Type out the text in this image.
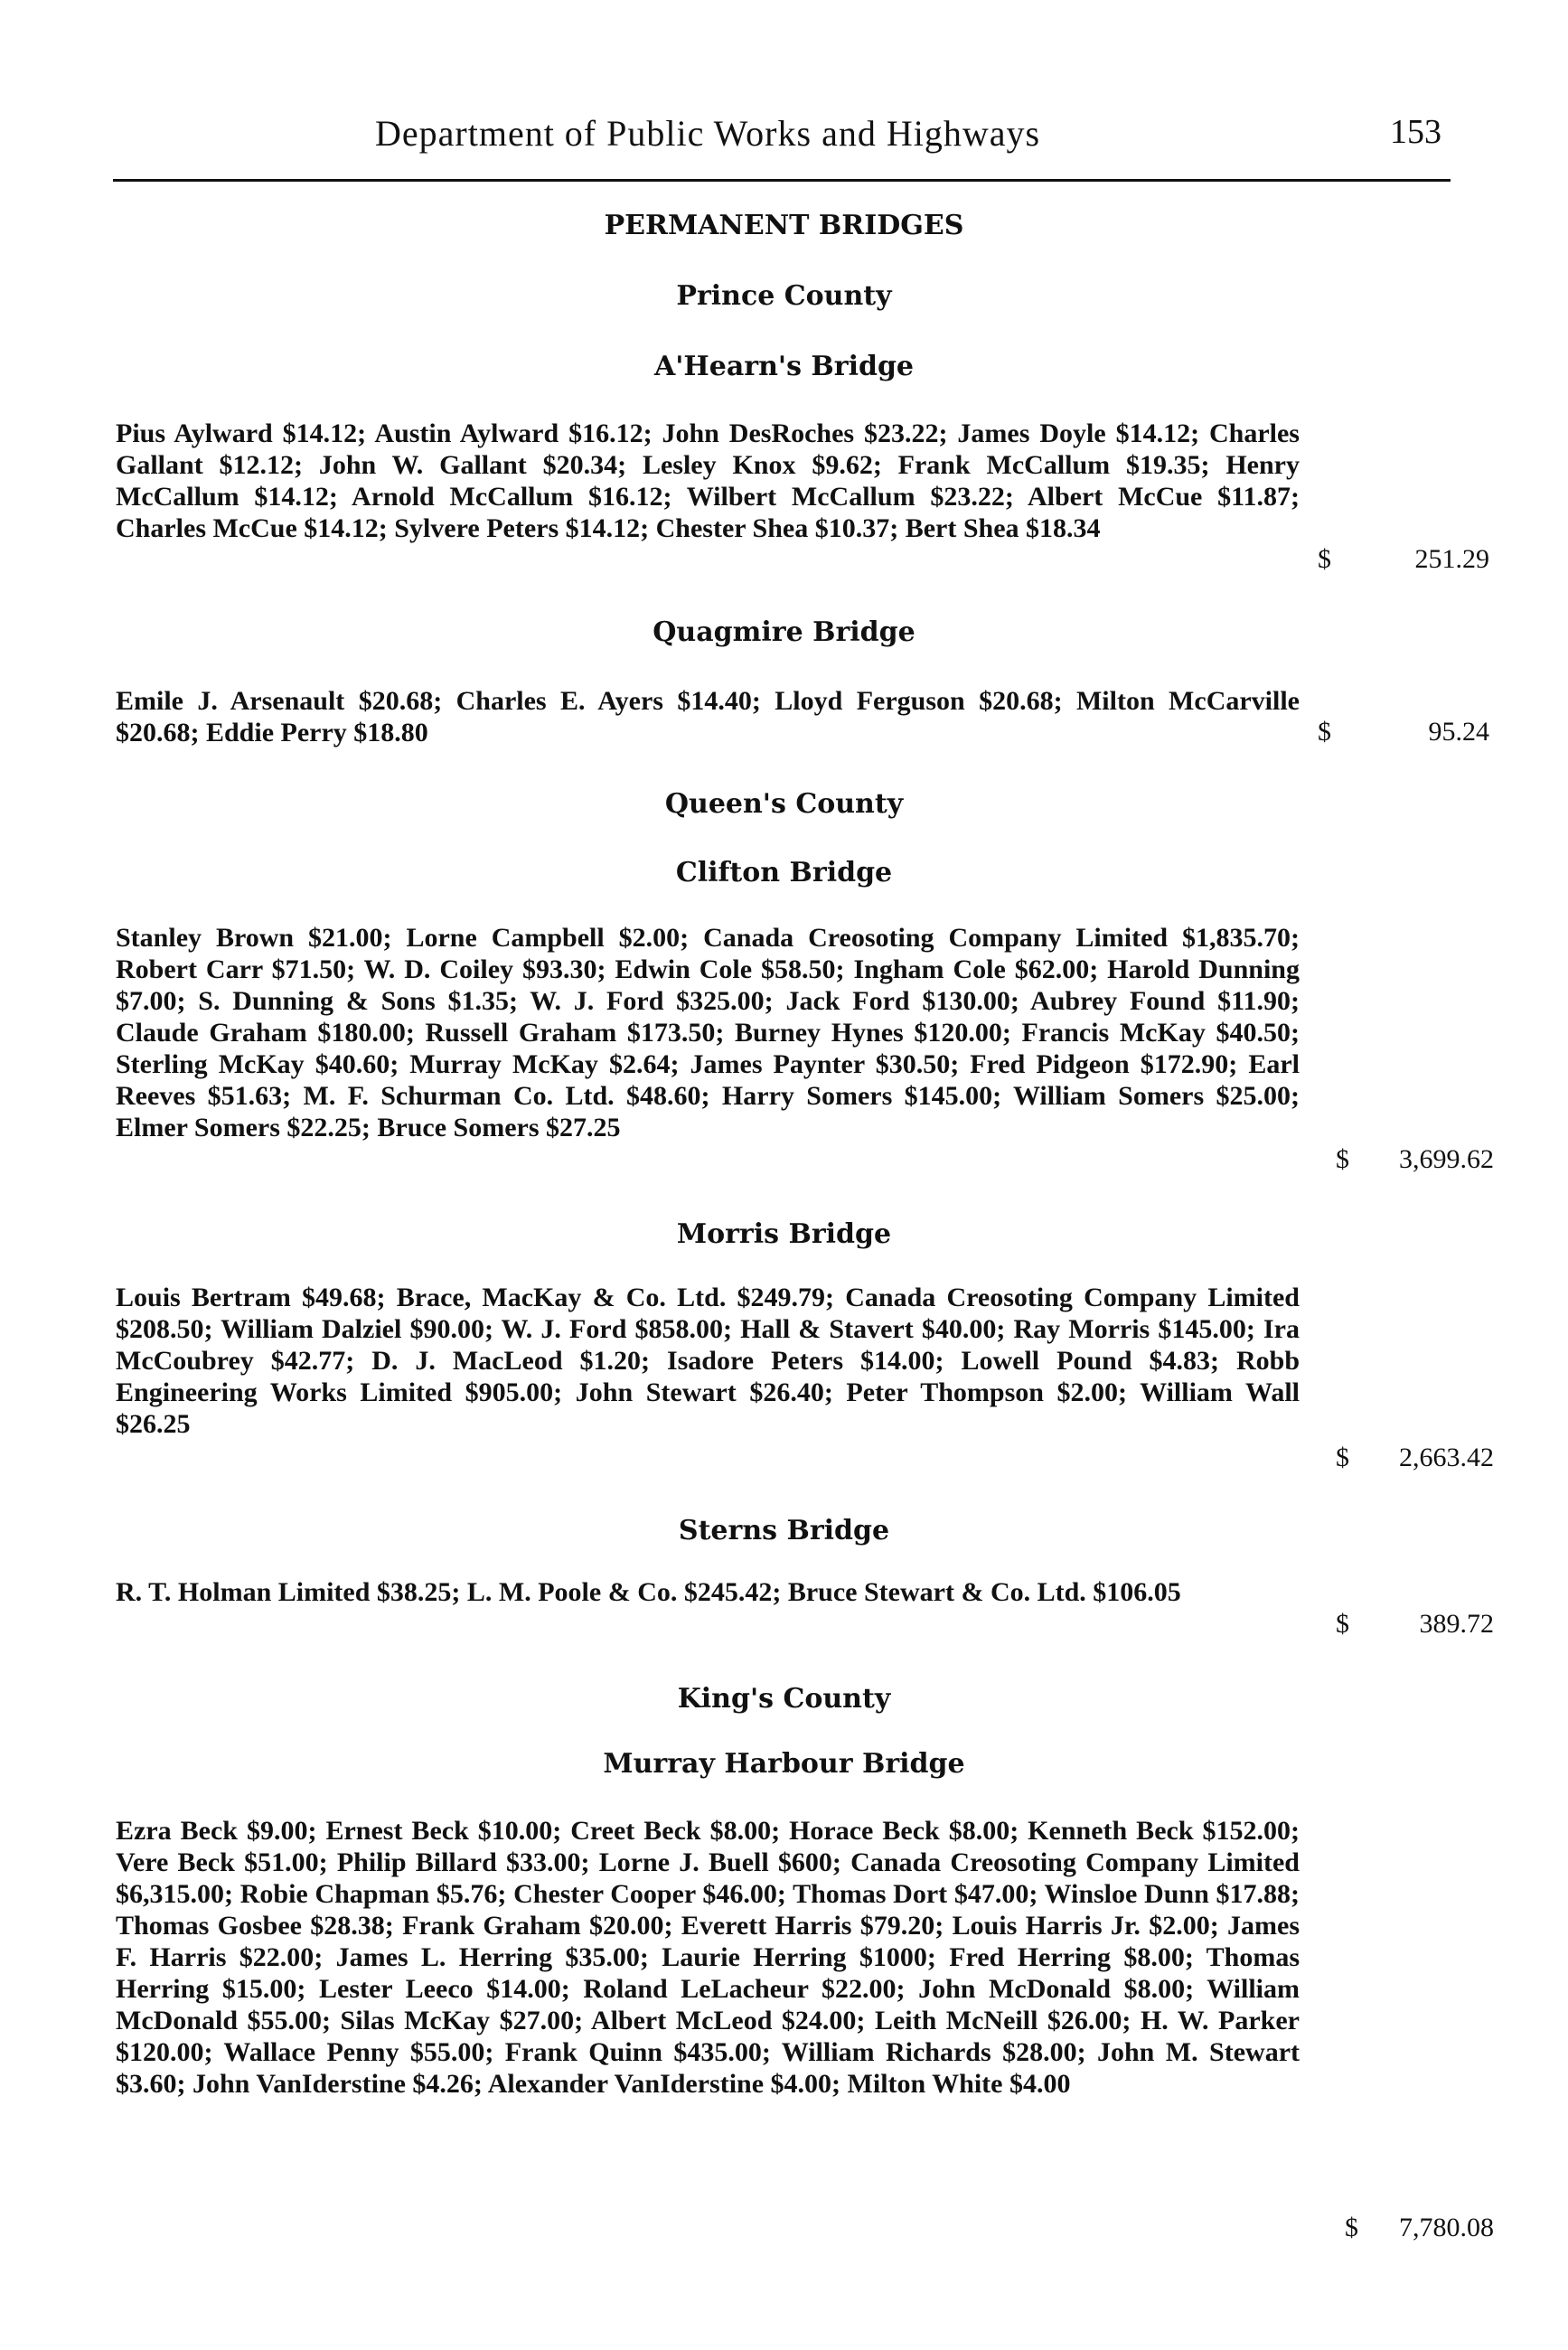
Department of Public Works and Highways	153
PERMANENT BRIDGES
Prince County
A'Hearn's Bridge
Pius Aylward $14.12; Austin Aylward $16.12; John DesRoches $23.22; James Doyle $14.12; Charles Gallant $12.12; John W. Gallant $20.34; Lesley Knox $9.62; Frank McCallum $19.35; Henry McCallum $14.12; Arnold McCallum $16.12; Wilbert McCallum $23.22; Albert McCue $11.87; Charles McCue $14.12; Sylvere Peters $14.12; Chester Shea $10.37; Bert Shea $18.34
$	251.29
Quagmire Bridge
Emile J. Arsenault $20.68; Charles E. Ayers $14.40; Lloyd Ferguson $20.68; Milton McCarville $20.68; Eddie Perry $18.80	$	95.24
Queen's County
Clifton Bridge
Stanley Brown $21.00; Lorne Campbell $2.00; Canada Creosoting Company Limited $1,835.70; Robert Carr $71.50; W. D. Coiley $93.30; Edwin Cole $58.50; Ingham Cole $62.00; Harold Dunning $7.00; S. Dunning & Sons $1.35; W. J. Ford $325.00; Jack Ford $130.00; Aubrey Found $11.90; Claude Graham $180.00; Russell Graham $173.50; Burney Hynes $120.00; Francis McKay $40.50; Sterling McKay $40.60; Murray McKay $2.64; James Paynter $30.50; Fred Pidgeon $172.90; Earl Reeves $51.63; M. F. Schurman Co. Ltd. $48.60; Harry Somers $145.00; William Somers $25.00; Elmer Somers $22.25; Bruce Somers $27.25
$	3,699.62
Morris Bridge
Louis Bertram $49.68; Brace, MacKay & Co. Ltd. $249.79; Canada Creosoting Company Limited $208.50; William Dalziel $90.00; W. J. Ford $858.00; Hall & Stavert $40.00; Ray Morris $145.00; Ira McCoubrey $42.77; D. J. MacLeod $1.20; Isadore Peters $14.00; Lowell Pound $4.83; Robb Engineering Works Limited $905.00; John Stewart $26.40; Peter Thompson $2.00; William Wall $26.25
$	2,663.42
Sterns Bridge
R. T. Holman Limited $38.25; L. M. Poole & Co. $245.42; Bruce Stewart & Co. Ltd. $106.05
$	389.72
King's County
Murray Harbour Bridge
Ezra Beck $9.00; Ernest Beck $10.00; Creet Beck $8.00; Horace Beck $8.00; Kenneth Beck $152.00; Vere Beck $51.00; Philip Billard $33.00; Lorne J. Buell $600; Canada Creosoting Company Limited $6,315.00; Robie Chapman $5.76; Chester Cooper $46.00; Thomas Dort $47.00; Winsloe Dunn $17.88; Thomas Gosbee $28.38; Frank Graham $20.00; Everett Harris $79.20; Louis Harris Jr. $2.00; James F. Harris $22.00; James L. Herring $35.00; Laurie Herring $1000; Fred Herring $8.00; Thomas Herring $15.00; Lester Leeco $14.00; Roland LeLacheur $22.00; John McDonald $8.00; William McDonald $55.00; Silas McKay $27.00; Albert McLeod $24.00; Leith McNeill $26.00; H. W. Parker $120.00; Wallace Penny $55.00; Frank Quinn $435.00; William Richards $28.00; John M. Stewart $3.60; John VanIderstine $4.26; Alexander VanIderstine $4.00; Milton White $4.00
$	7,780.08
